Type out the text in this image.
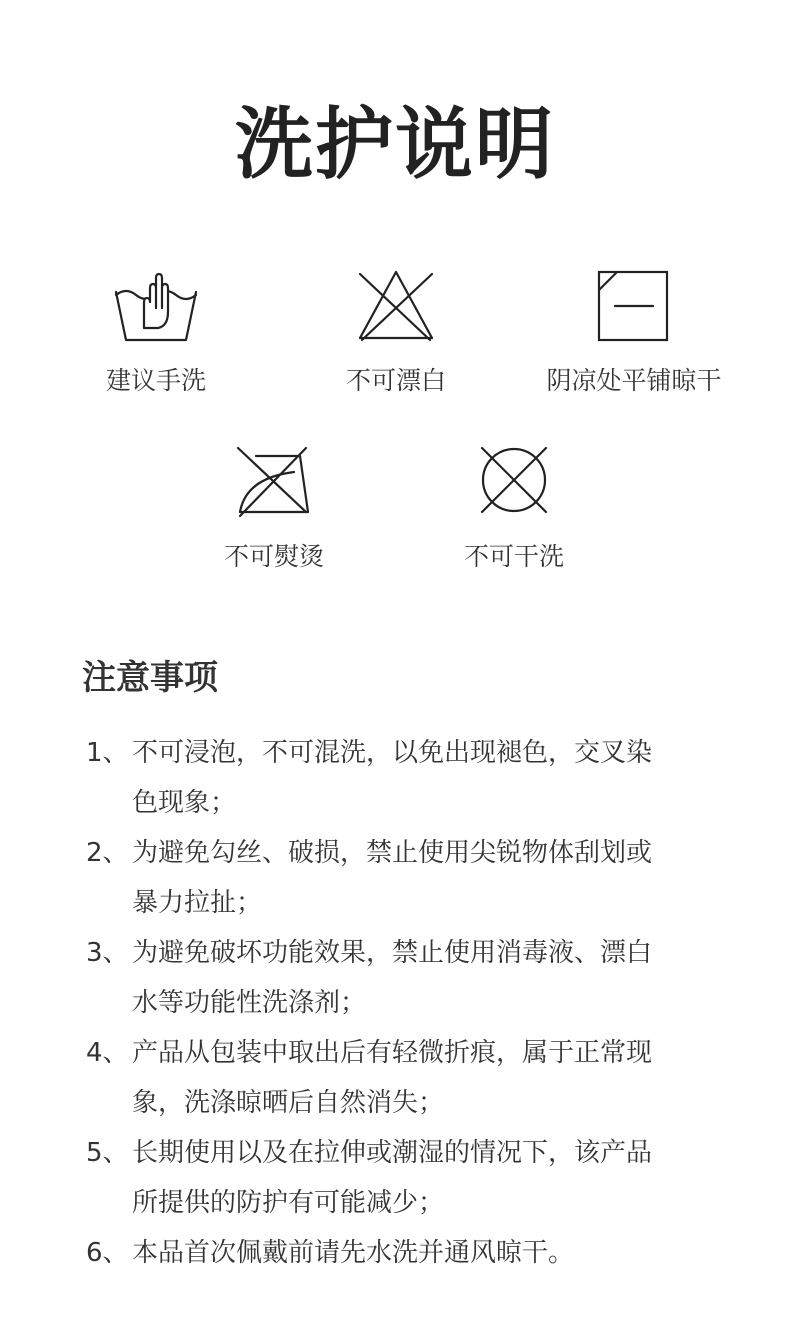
洗护说明
建议手洗	不可漂白	阴凉处平铺晾干
不可熨烫	不可干洗
注意事项
1、 不可浸泡，不可混洗，以免出现褪色，交叉染
色现象；
2、 为避免勾丝、破损，禁止使用尖锐物体刮划或
暴力拉扯；
3、 为避免破坏功能效果，禁止使用消毒液、漂白
水等功能性洗涤剂；
4、 产品从包装中取出后有轻微折痕，属于正常现
象，洗涤晾晒后自然消失；
5、 长期使用以及在拉伸或潮湿的情况下，该产品
所提供的防护有可能减少；
6、 本品首次佩戴前请先水洗并通风晾干。
